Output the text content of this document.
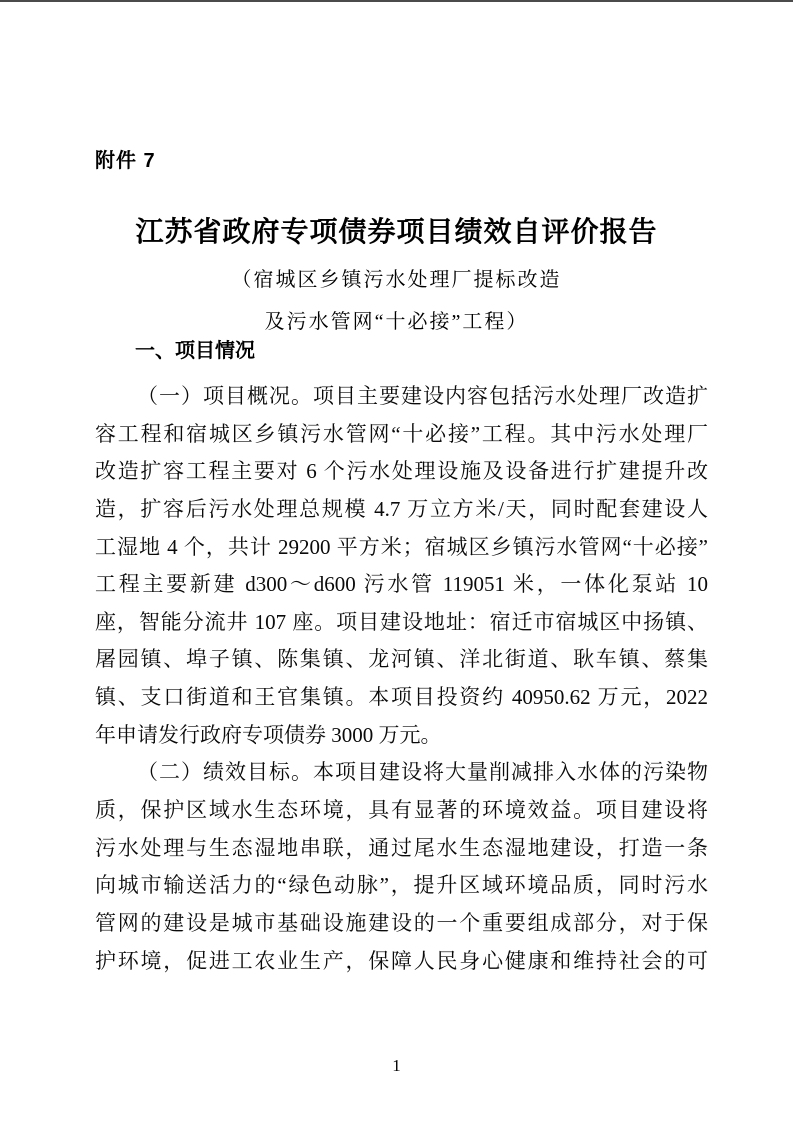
附件 7
江苏省政府专项债券项目绩效自评价报告
（宿城区乡镇污水处理厂提标改造
及污水管网“十必接”工程）
一、项目情况
（一）项目概况。项目主要建设内容包括污水处理厂改造扩
容工程和宿城区乡镇污水管网“十必接”工程。其中污水处理厂
改造扩容工程主要对 6 个污水处理设施及设备进行扩建提升改
造，扩容后污水处理总规模 4.7 万立方米/天，同时配套建设人
工湿地 4 个，共计 29200 平方米；宿城区乡镇污水管网“十必接”
工程主要新建 d300～d600 污水管 119051 米，一体化泵站 10
座，智能分流井 107 座。项目建设地址：宿迁市宿城区中扬镇、
屠园镇、埠子镇、陈集镇、龙河镇、洋北街道、耿车镇、蔡集
镇、支口街道和王官集镇。本项目投资约 40950.62 万元，2022
年申请发行政府专项债券 3000 万元。
（二）绩效目标。本项目建设将大量削减排入水体的污染物
质，保护区域水生态环境，具有显著的环境效益。项目建设将
污水处理与生态湿地串联，通过尾水生态湿地建设，打造一条
向城市输送活力的“绿色动脉”，提升区域环境品质，同时污水
管网的建设是城市基础设施建设的一个重要组成部分，对于保
护环境，促进工农业生产，保障人民身心健康和维持社会的可
1
